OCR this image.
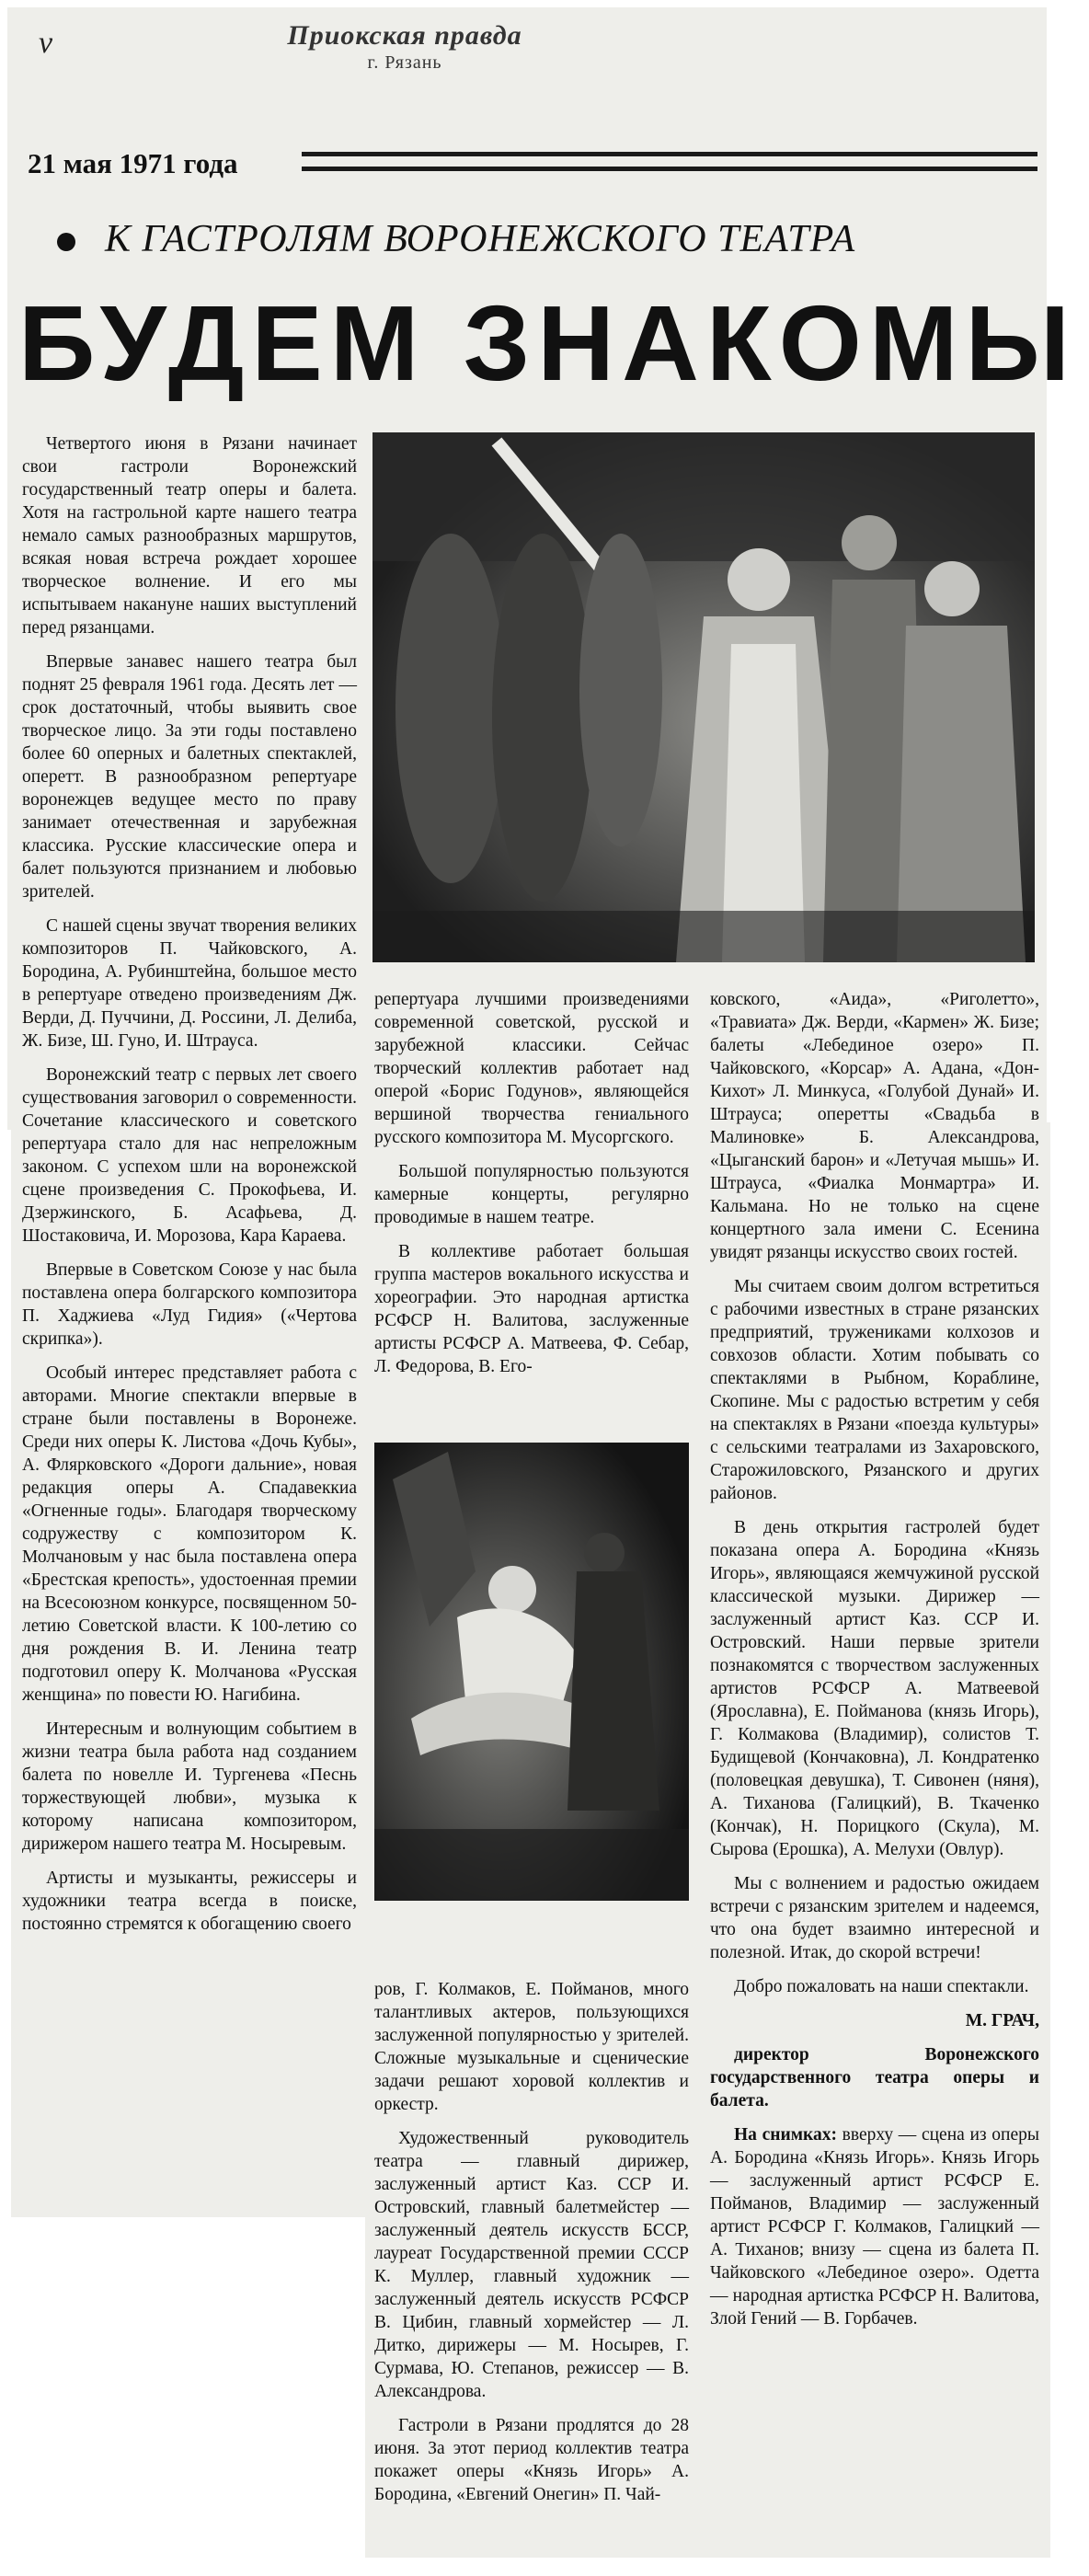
v	Приокская правда
г. Рязань
21 мая 1971 года
К ГАСТРОЛЯМ ВОРОНЕЖСКОГО ТЕАТРА
БУДЕМ ЗНАКОМЫ

Четвертого июня в Рязани начинает свои гастроли Воронежский государственный театр оперы и балета. Хотя на гастрольной карте нашего театра немало самых разнообразных маршрутов, всякая новая встреча рождает хорошее творческое волнение. И его мы испытываем накануне наших выступлений перед рязанцами.

Впервые занавес нашего театра был поднят 25 февраля 1961 года. Десять лет — срок достаточный, чтобы выявить свое творческое лицо. За эти годы поставлено более 60 оперных и балетных спектаклей, оперетт. В разнообразном репертуаре воронежцев ведущее место по праву занимает отечественная и зарубежная классика. Русские классические опера и балет пользуются признанием и любовью зрителей.

С нашей сцены звучат творения великих композиторов П. Чайковского, А. Бородина, А. Рубинштейна, большое место в репертуаре отведено произведениям Дж. Верди, Д. Пуччини, Д. Россини, Л. Делиба, Ж. Бизе, Ш. Гуно, И. Штрауса.

Воронежский театр с первых лет своего существования заговорил о современности. Сочетание классического и советского репертуара стало для нас непреложным законом. С успехом шли на воронежской сцене произведения С. Прокофьева, И. Дзержинского, Б. Асафьева, Д. Шостаковича, И. Морозова, Кара Караева.

Впервые в Советском Союзе у нас была поставлена опера болгарского композитора П. Хаджиева «Луд Гидия» («Чертова скрипка»).

Особый интерес представляет работа с авторами. Многие спектакли впервые в стране были поставлены в Воронеже. Среди них оперы К. Листова «Дочь Кубы», А. Флярковского «Дороги дальние», новая редакция оперы А. Спадавеккиа «Огненные годы». Благодаря творческому содружеству с композитором К. Молчановым у нас была поставлена опера «Брестская крепость», удостоенная премии на Всесоюзном конкурсе, посвященном 50-летию Советской власти. К 100-летию со дня рождения В. И. Ленина театр подготовил оперу К. Молчанова «Русская женщина» по повести Ю. Нагибина.

Интересным и волнующим событием в жизни театра была работа над созданием балета по новелле И. Тургенева «Песнь торжествующей любви», музыка к которому написана композитором, дирижером нашего театра М. Носыревым.

Артисты и музыканты, режиссеры и художники театра всегда в поиске, постоянно стремятся к обогащению своего

репертуара лучшими произведениями современной советской, русской и зарубежной классики. Сейчас творческий коллектив работает над оперой «Борис Годунов», являющейся вершиной творчества гениального русского композитора М. Мусоргского.

Большой популярностью пользуются камерные концерты, регулярно проводимые в нашем театре.

В коллективе работает большая группа мастеров вокального искусства и хореографии. Это народная артистка РСФСР Н. Валитова, заслуженные артисты РСФСР А. Матвеева, Ф. Себар, Л. Федорова, В. Его-

ров, Г. Колмаков, Е. Пойманов, много талантливых актеров, пользующихся заслуженной популярностью у зрителей. Сложные музыкальные и сценические задачи решают хоровой коллектив и оркестр.

Художественный руководитель театра — главный дирижер, заслуженный артист Каз. ССР И. Островский, главный балетмейстер — заслуженный деятель искусств БССР, лауреат Государственной премии СССР К. Муллер, главный художник — заслуженный деятель искусств РСФСР В. Цибин, главный хормейстер — Л. Дитко, дирижеры — М. Носырев, Г. Сурмава, Ю. Степанов, режиссер — В. Александрова.

Гастроли в Рязани продлятся до 28 июня. За этот период коллектив театра покажет оперы «Князь Игорь» А. Бородина, «Евгений Онегин» П. Чай-

ковского, «Аида», «Риголетто», «Травиата» Дж. Верди, «Кармен» Ж. Бизе; балеты «Лебединое озеро» П. Чайковского, «Корсар» А. Адана, «Дон-Кихот» Л. Минкуса, «Голубой Дунай» И. Штрауса; оперетты «Свадьба в Малиновке» Б. Александрова, «Цыганский барон» и «Летучая мышь» И. Штрауса, «Фиалка Монмартра» И. Кальмана. Но не только на сцене концертного зала имени С. Есенина увидят рязанцы искусство своих гостей.

Мы считаем своим долгом встретиться с рабочими известных в стране рязанских предприятий, тружениками колхозов и совхозов области. Хотим побывать со спектаклями в Рыбном, Кораблине, Скопине. Мы с радостью встретим у себя на спектаклях в Рязани «поезда культуры» с сельскими театралами из Захаровского, Старожиловского, Рязанского и других районов.

В день открытия гастролей будет показана опера А. Бородина «Князь Игорь», являющаяся жемчужиной русской классической музыки. Дирижер — заслуженный артист Каз. ССР И. Островский. Наши первые зрители познакомятся с творчеством заслуженных артистов РСФСР А. Матвеевой (Ярославна), Е. Пойманова (князь Игорь), Г. Колмакова (Владимир), солистов Т. Будищевой (Кончаковна), Л. Кондратенко (половецкая девушка), Т. Сивонен (няня), А. Тиханова (Галицкий), В. Ткаченко (Кончак), Н. Порицкого (Скула), М. Сырова (Ерошка), А. Мелухи (Овлур).

Мы с волнением и радостью ожидаем встречи с рязанским зрителем и надеемся, что она будет взаимно интересной и полезной. Итак, до скорой встречи!

Добро пожаловать на наши спектакли.

М. ГРАЧ,

директор Воронежского государственного театра оперы и балета.

На снимках: вверху — сцена из оперы А. Бородина «Князь Игорь». Князь Игорь — заслуженный артист РСФСР Е. Пойманов, Владимир — заслуженный артист РСФСР Г. Колмаков, Галицкий — А. Тиханов; внизу — сцена из балета П. Чайковского «Лебединое озеро». Одетта — народная артистка РСФСР Н. Валитова, Злой Гений — В. Горбачев.
